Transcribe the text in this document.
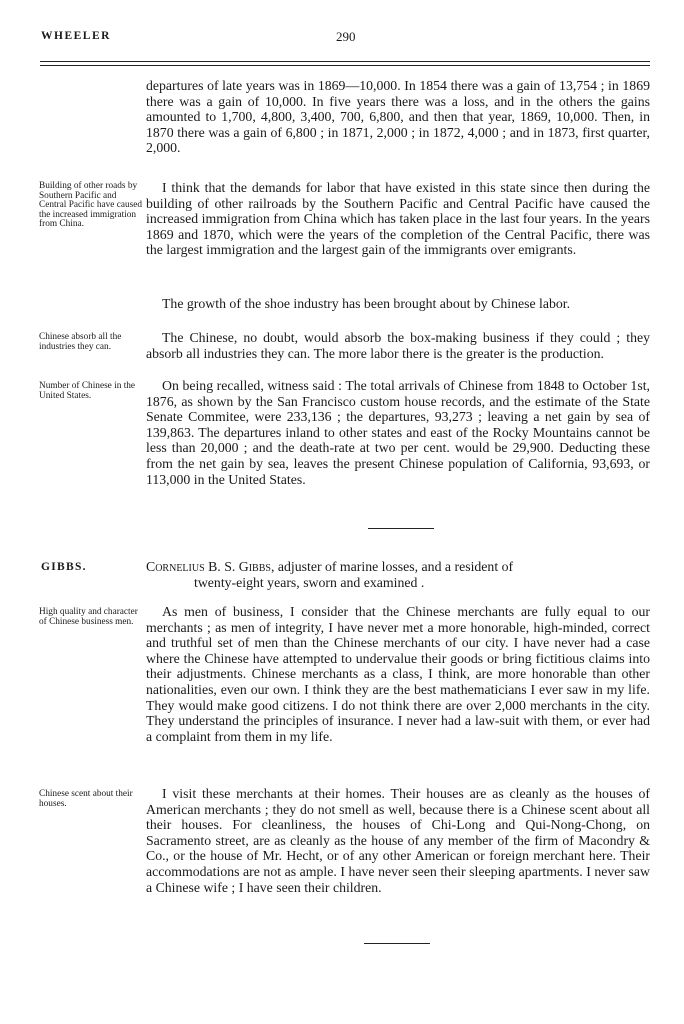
WHEELER	290

departures of late years was in 1869—10,000. In 1854 there was a gain of 13,754 ; in 1869 there was a gain of 10,000. In five years there was a loss, and in the others the gains amounted to 1,700, 4,800, 3,400, 700, 6,800, and then that year, 1869, 10,000. Then, in 1870 there was a gain of 6,800 ; in 1871, 2,000 ; in 1872, 4,000 ; and in 1873, first quarter, 2,000.

Building of other roads by Southern Pacific and Central Pacific have caused the increased immigration from China.

I think that the demands for labor that have existed in this state since then during the building of other railroads by the Southern Pacific and Central Pacific have caused the increased immigration from China which has taken place in the last four years. In the years 1869 and 1870, which were the years of the completion of the Central Pacific, there was the largest immigration and the largest gain of the immigrants over emigrants.

The growth of the shoe industry has been brought about by Chinese labor.

Chinese absorb all the industries they can.

The Chinese, no doubt, would absorb the box-making business if they could ; they absorb all industries they can. The more labor there is the greater is the production.

Number of Chinese in the United States.

On being recalled, witness said : The total arrivals of Chinese from 1848 to October 1st, 1876, as shown by the San Francisco custom house records, and the estimate of the State Senate Commitee, were 233,136 ; the departures, 93,273 ; leaving a net gain by sea of 139,863. The departures inland to other states and east of the Rocky Mountains cannot be less than 20,000 ; and the death-rate at two per cent. would be 29,900. Deducting these from the net gain by sea, leaves the present Chinese population of California, 93,693, or 113,000 in the United States.

GIBBS.	Cornelius B. S. Gibbs, adjuster of marine losses, and a resident of
twenty-eight years, sworn and examined .
High quality and character of Chinese business men.

As men of business, I consider that the Chinese merchants are fully equal to our merchants ; as men of integrity, I have never met a more honorable, high-minded, correct and truthful set of men than the Chinese merchants of our city. I have never had a case where the Chinese have attempted to undervalue their goods or bring fictitious claims into their adjustments. Chinese merchants as a class, I think, are more honorable than other nationalities, even our own. I think they are the best mathematicians I ever saw in my life. They would make good citizens. I do not think there are over 2,000 merchants in the city. They understand the principles of insurance. I never had a law-suit with them, or ever had a complaint from them in my life.

Chinese scent about their houses.

I visit these merchants at their homes. Their houses are as cleanly as the houses of American merchants ; they do not smell as well, because there is a Chinese scent about all their houses. For cleanliness, the houses of Chi-Long and Qui-Nong-Chong, on Sacramento street, are as cleanly as the house of any member of the firm of Macondry & Co., or the house of Mr. Hecht, or of any other American or foreign merchant here. Their accommodations are not as ample. I have never seen their sleeping apartments. I never saw a Chinese wife ; I have seen their children.
